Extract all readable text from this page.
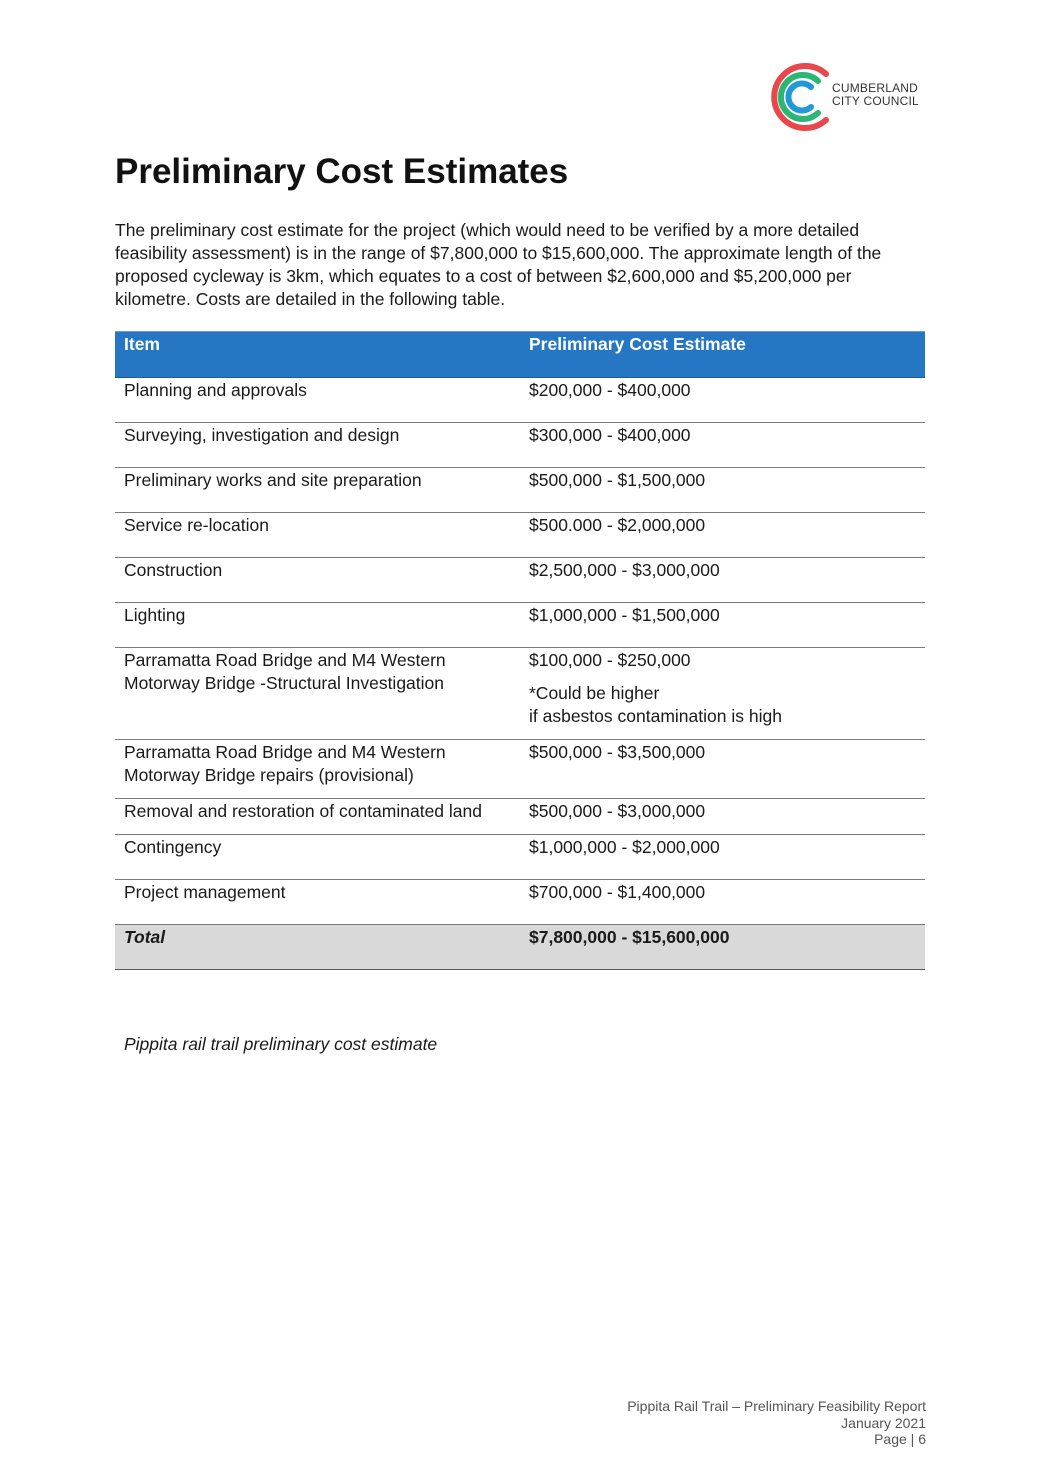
CUMBERLAND
CITY COUNCIL
Preliminary Cost Estimates

The preliminary cost estimate for the project (which would need to be verified by a more detailed feasibility assessment) is in the range of $7,800,000 to $15,600,000. The approximate length of the proposed cycleway is 3km, which equates to a cost of between $2,600,000 and $5,200,000 per kilometre. Costs are detailed in the following table.

Item	Preliminary Cost Estimate
Planning and approvals	$200,000 - $400,000
Surveying, investigation and design	$300,000 - $400,000
Preliminary works and site preparation	$500,000 - $1,500,000
Service re-location	$500.000 - $2,000,000
Construction	$2,500,000 - $3,000,000
Lighting	$1,000,000 - $1,500,000
Parramatta Road Bridge and M4 Western Motorway Bridge -Structural Investigation	$100,000 - $250,000
*Could be higher
if asbestos contamination is high

Parramatta Road Bridge and M4 Western Motorway Bridge repairs (provisional)	$500,000 - $3,500,000
Removal and restoration of contaminated land	$500,000 - $3,000,000
Contingency	$1,000,000 - $2,000,000
Project management	$700,000 - $1,400,000
Total	$7,800,000 - $15,600,000
Pippita rail trail preliminary cost estimate
Pippita Rail Trail – Preliminary Feasibility Report
January 2021
Page | 6
